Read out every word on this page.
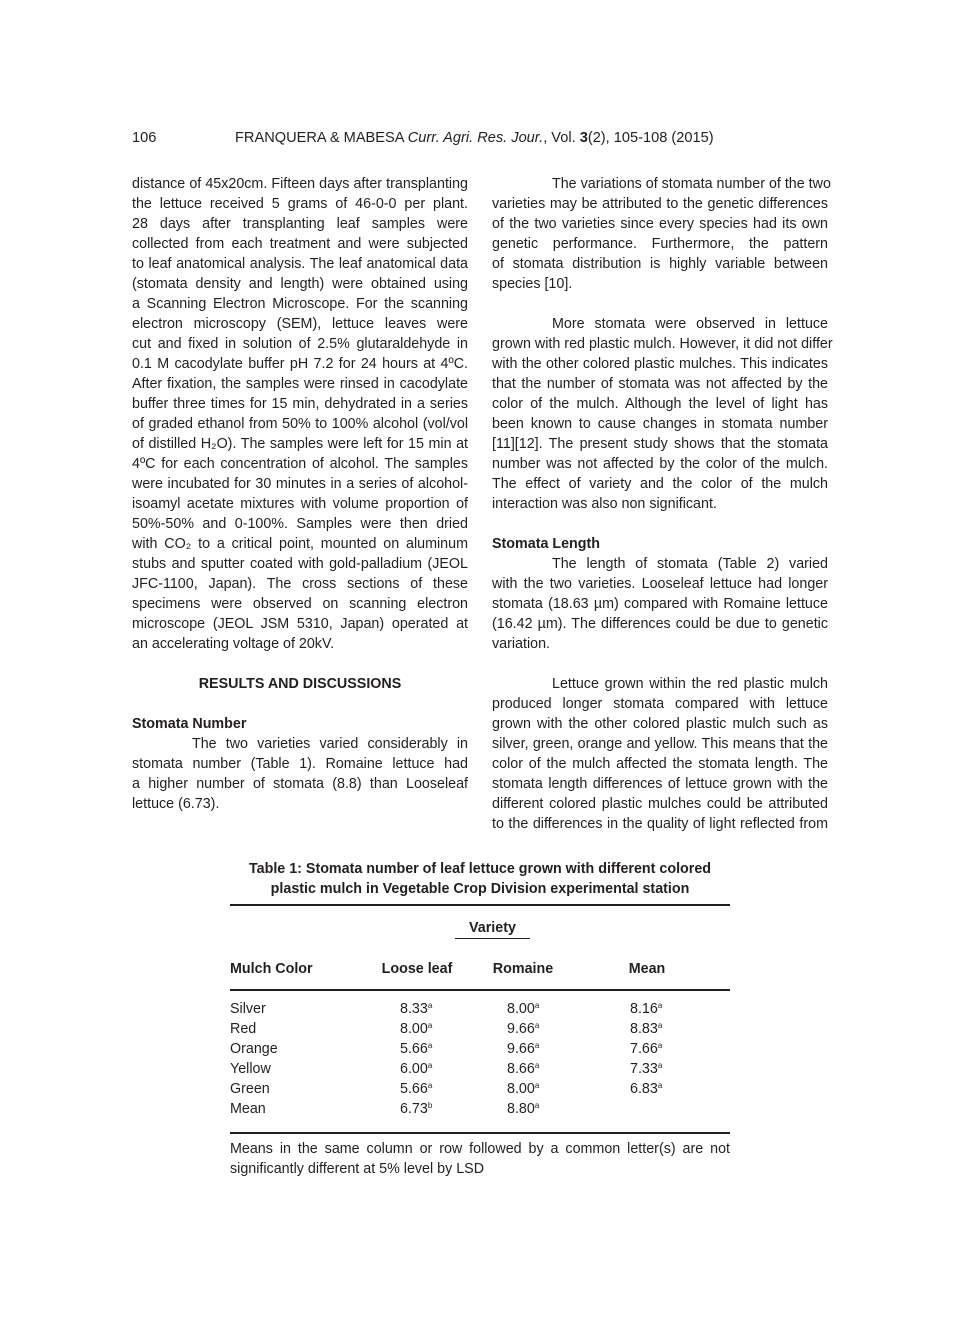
106	FRANQUERA & MABESA Curr. Agri. Res. Jour., Vol. 3(2), 105-108 (2015)
distance of 45x20cm. Fifteen days after transplanting
the lettuce received 5 grams of 46-0-0 per plant.
28 days after transplanting leaf samples were
collected from each treatment and were subjected
to leaf anatomical analysis. The leaf anatomical data
(stomata density and length) were obtained using
a Scanning Electron Microscope. For the scanning
electron microscopy (SEM), lettuce leaves were
cut and fixed in solution of 2.5% glutaraldehyde in
0.1 M cacodylate buffer pH 7.2 for 24 hours at 4ºC.
After fixation, the samples were rinsed in cacodylate
buffer three times for 15 min, dehydrated in a series
of graded ethanol from 50% to 100% alcohol (vol/vol
of distilled H₂O). The samples were left for 15 min at
4ºC for each concentration of alcohol. The samples
were incubated for 30 minutes in a series of alcohol-
isoamyl acetate mixtures with volume proportion of
50%-50% and 0-100%. Samples were then dried
with CO₂ to a critical point, mounted on aluminum
stubs and sputter coated with gold-palladium (JEOL
JFC-1100, Japan). The cross sections of these
specimens were observed on scanning electron
microscope (JEOL JSM 5310, Japan) operated at
an accelerating voltage of 20kV.
RESULTS AND DISCUSSIONS
Stomata Number
The two varieties varied considerably in
stomata number (Table 1). Romaine lettuce had
a higher number of stomata (8.8) than Looseleaf
lettuce (6.73).
The variations of stomata number of the two
varieties may be attributed to the genetic differences
of the two varieties since every species had its own
genetic performance. Furthermore, the pattern
of stomata distribution is highly variable between
species [10].
More stomata were observed in lettuce
grown with red plastic mulch. However, it did not differ
with the other colored plastic mulches. This indicates
that the number of stomata was not affected by the
color of the mulch. Although the level of light has
been known to cause changes in stomata number
[11][12]. The present study shows that the stomata
number was not affected by the color of the mulch.
The effect of variety and the color of the mulch
interaction was also non significant.
Stomata Length
The length of stomata (Table 2) varied
with the two varieties. Looseleaf lettuce had longer
stomata (18.63 µm) compared with Romaine lettuce
(16.42 µm). The differences could be due to genetic
variation.
Lettuce grown within the red plastic mulch
produced longer stomata compared with lettuce
grown with the other colored plastic mulch such as
silver, green, orange and yellow. This means that the
color of the mulch affected the stomata length. The
stomata length differences of lettuce grown with the
different colored plastic mulches could be attributed
to the differences in the quality of light reflected from
Table 1: Stomata number of leaf lettuce grown with different colored
plastic mulch in Vegetable Crop Division experimental station
Variety
Mulch Color	Loose leaf	Romaine	Mean
Silver	8.33$^a$	8.00$^a$	8.16$^a$
Red	8.00$^a$	9.66$^a$	8.83$^a$
Orange	5.66$^a$	9.66$^a$	7.66$^a$
Yellow	6.00$^a$	8.66$^a$	7.33$^a$
Green	5.66$^a$	8.00$^a$	6.83$^a$
Mean	6.73$^b$	8.80$^a$
Means in the same column or row followed by a common letter(s) are not
significantly different at 5% level by LSD
